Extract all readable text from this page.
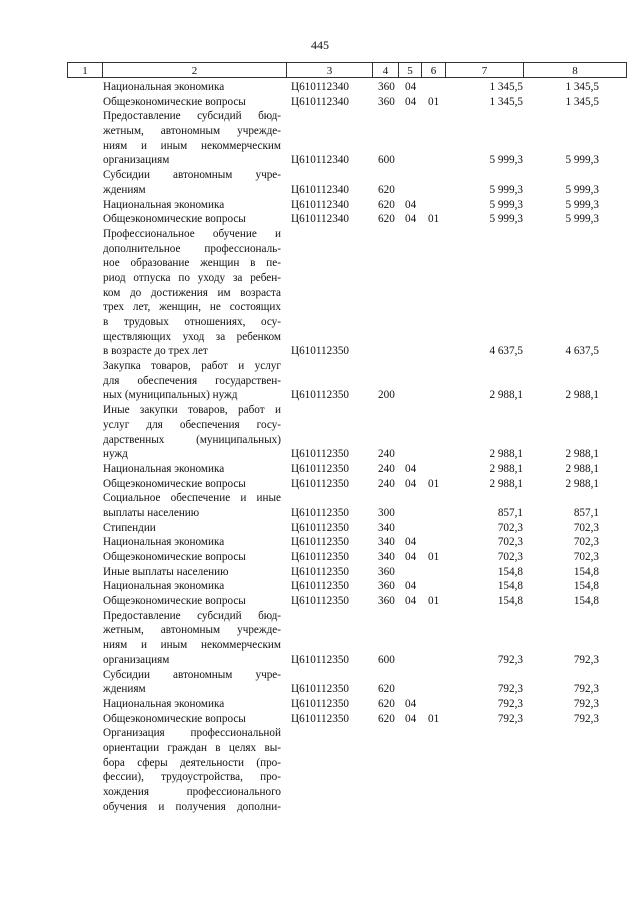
445
1	2	3	4	5	6	7	8
Национальная экономика	Ц610112340	360 04	1 345,5	1 345,5
Общеэкономические вопросы	Ц610112340	360 04 01	1 345,5	1 345,5
Предоставление субсидий бюд-
жетным, автономным учрежде-
ниям и иным некоммерческим
организациям	Ц610112340	600	5 999,3	5 999,3
Субсидии автономным учре-
ждениям	Ц610112340	620	5 999,3	5 999,3
Национальная экономика	Ц610112340	620 04	5 999,3	5 999,3
Общеэкономические вопросы	Ц610112340	620 04 01	5 999,3	5 999,3
Профессиональное обучение и
дополнительное профессиональ-
ное образование женщин в пе-
риод отпуска по уходу за ребен-
ком до достижения им возраста
трех лет, женщин, не состоящих
в трудовых отношениях, осу-
ществляющих уход за ребенком
в возрасте до трех лет	Ц610112350	4 637,5	4 637,5
Закупка товаров, работ и услуг
для обеспечения государствен-
ных (муниципальных) нужд	Ц610112350	200	2 988,1	2 988,1
Иные закупки товаров, работ и
услуг для обеспечения госу-
дарственных (муниципальных)
нужд	Ц610112350	240	2 988,1	2 988,1
Национальная экономика	Ц610112350	240 04	2 988,1	2 988,1
Общеэкономические вопросы	Ц610112350	240 04 01	2 988,1	2 988,1
Социальное обеспечение и иные
выплаты населению	Ц610112350	300	857,1	857,1
Стипендии	Ц610112350	340	702,3	702,3
Национальная экономика	Ц610112350	340 04	702,3	702,3
Общеэкономические вопросы	Ц610112350	340 04 01	702,3	702,3
Иные выплаты населению	Ц610112350	360	154,8	154,8
Национальная экономика	Ц610112350	360 04	154,8	154,8
Общеэкономические вопросы	Ц610112350	360 04 01	154,8	154,8
Предоставление субсидий бюд-
жетным, автономным учрежде-
ниям и иным некоммерческим
организациям	Ц610112350	600	792,3	792,3
Субсидии автономным учре-
ждениям	Ц610112350	620	792,3	792,3
Национальная экономика	Ц610112350	620 04	792,3	792,3
Общеэкономические вопросы	Ц610112350	620 04 01	792,3	792,3
Организация профессиональной
ориентации граждан в целях вы-
бора сферы деятельности (про-
фессии), трудоустройства, про-
хождения профессионального
обучения и получения дополни-
